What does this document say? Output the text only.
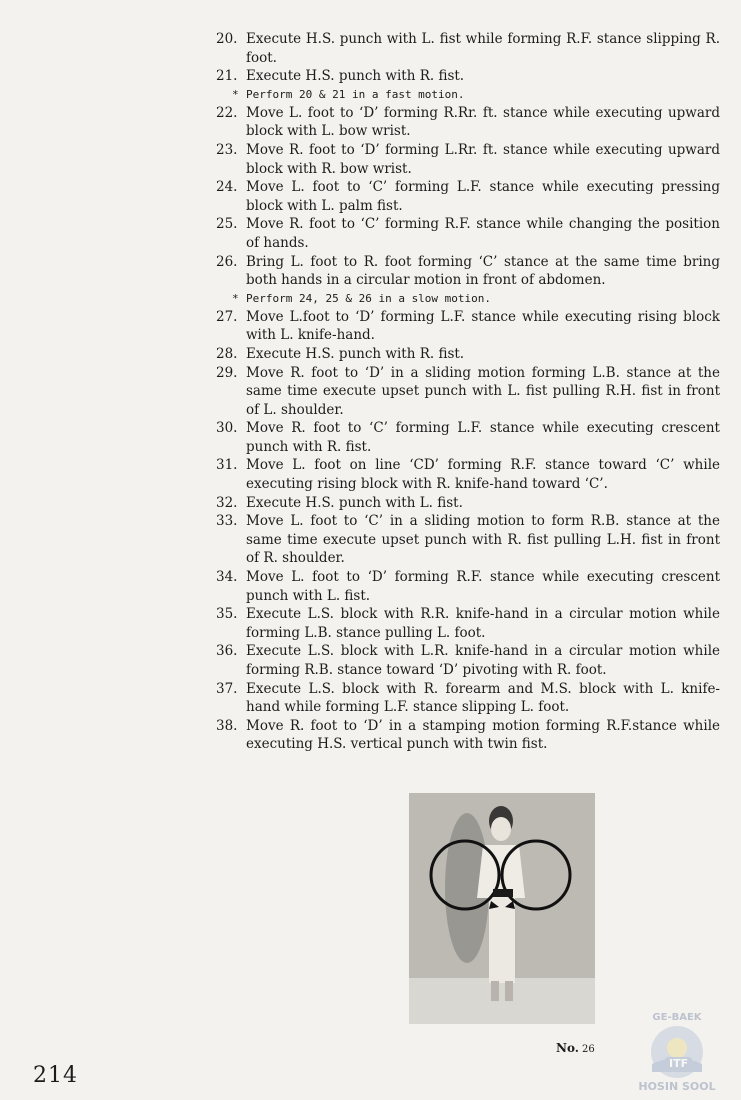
20. Execute H.S. punch with L. fist while forming R.F. stance slipping R. foot.
21. Execute H.S. punch with R. fist.
* Perform 20 & 21 in a fast motion.
22. Move L. foot to ‘D’ forming R.Rr. ft. stance while executing upward block with L. bow wrist.
23. Move R. foot to ‘D’ forming L.Rr. ft. stance while executing upward block with R. bow wrist.
24. Move L. foot to ‘C’ forming L.F. stance while executing pressing block with L. palm fist.
25. Move R. foot to ‘C’ forming R.F. stance while changing the position of hands.
26. Bring L. foot to R. foot forming ‘C’ stance at the same time bring both hands in a circular motion in front of abdomen.
* Perform 24, 25 & 26 in a slow motion.
27. Move L.foot to ‘D’ forming L.F. stance while executing rising block with L. knife-hand.
28. Execute H.S. punch with R. fist.
29. Move R. foot to ‘D’ in a sliding motion forming L.B. stance at the same time execute upset punch with L. fist pulling R.H. fist in front of L. shoulder.
30. Move R. foot to ‘C’ forming L.F. stance while executing crescent punch with R. fist.
31. Move L. foot on line ‘CD’ forming R.F. stance toward ‘C’ while executing rising block with R. knife-hand toward ‘C’.
32. Execute H.S. punch with L. fist.
33. Move L. foot to ‘C’ in a sliding motion to form R.B. stance at the same time execute upset punch with R. fist pulling L.H. fist in front of R. shoulder.
34. Move L. foot to ‘D’ forming R.F. stance while executing crescent punch with L. fist.
35. Execute L.S. block with R.R. knife-hand in a circular motion while forming L.B. stance pulling L. foot.
36. Execute L.S. block with L.R. knife-hand in a circular motion while forming R.B. stance toward ‘D’ pivoting with R. foot.
37. Execute L.S. block with R. forearm and M.S. block with L. knife-hand while forming L.F. stance slipping L. foot.
38. Move R. foot to ‘D’ in a stamping motion forming R.F.stance while executing H.S. vertical punch with twin fist.
No. 26
214
GE-BAEK
ITF
HOSIN SOOL
